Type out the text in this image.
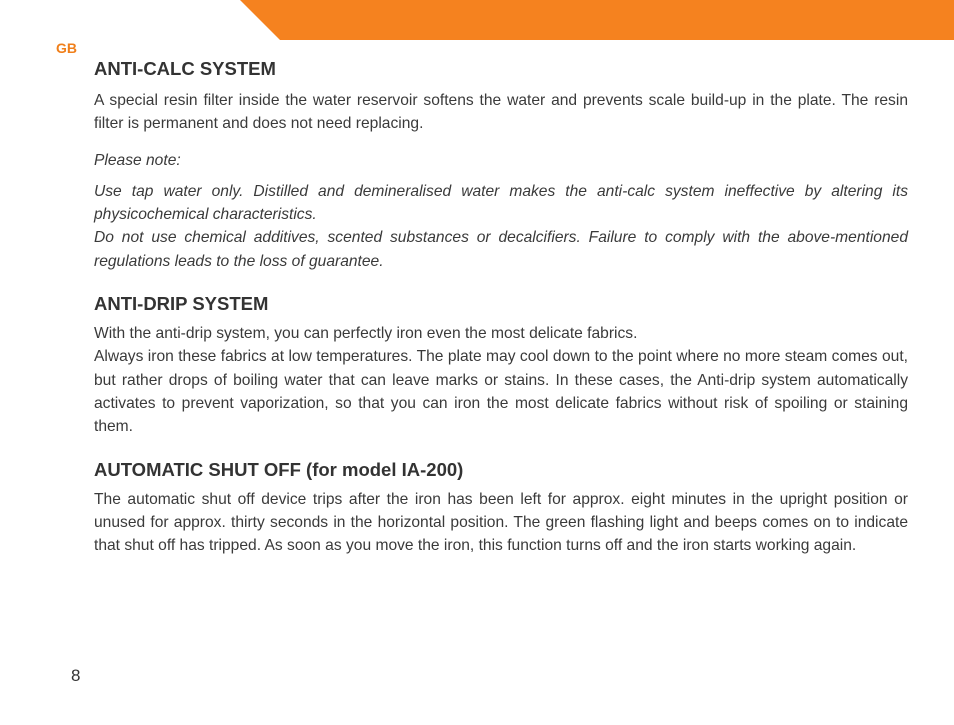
GB
ANTI-CALC SYSTEM

A special resin filter inside the water reservoir softens the water and prevents scale build-up in the plate. The resin filter is permanent and does not need replacing.

Please note:

Use tap water only. Distilled and demineralised water makes the anti-calc system ineffective by altering its physicochemical characteristics.
Do not use chemical additives, scented substances or decalcifiers. Failure to comply with the above-mentioned regulations leads to the loss of guarantee.

ANTI-DRIP SYSTEM

With the anti-drip system, you can perfectly iron even the most delicate fabrics.
Always iron these fabrics at low temperatures. The plate may cool down to the point where no more steam comes out, but rather drops of boiling water that can leave marks or stains. In these cases, the Anti-drip system automatically activates to prevent vaporization, so that you can iron the most delicate fabrics without risk of spoiling or staining them.

AUTOMATIC SHUT OFF (for model IA-200)

The automatic shut off device trips after the iron has been left for approx. eight minutes in the upright position or unused for approx. thirty seconds in the horizontal position. The green flashing light and beeps comes on to indicate that shut off has tripped. As soon as you move the iron, this function turns off and the iron starts working again.

8
